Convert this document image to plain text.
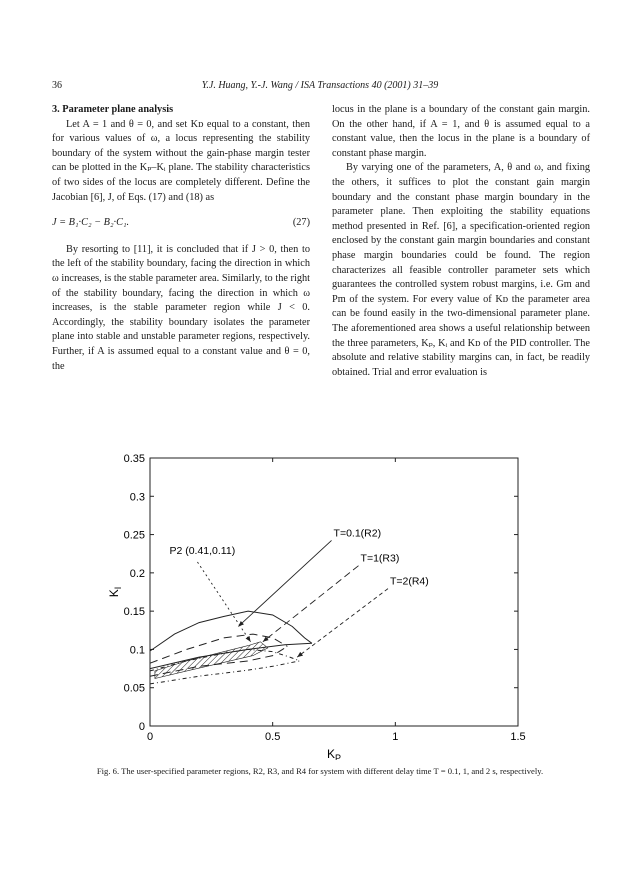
36	Y.J. Huang, Y.-J. Wang / ISA Transactions 40 (2001) 31–39

3. Parameter plane analysis

Let A = 1 and θ = 0, and set Kᴅ equal to a constant, then for various values of ω, a locus representing the stability boundary of the system without the gain-phase margin tester can be plotted in the Kₚ–Kᵢ plane. The stability characteristics of two sides of the locus are completely different. Define the Jacobian [6], J, of Eqs. (17) and (18) as

J = B₁·C₂ − B₂·C₁.	(27)

By resorting to [11], it is concluded that if J > 0, then to the left of the stability boundary, facing the direction in which ω increases, is the stable parameter area. Similarly, to the right of the stability boundary, facing the direction in which ω increases, is the stable parameter region while J < 0. Accordingly, the stability boundary isolates the parameter plane into stable and unstable parameter regions, respectively. Further, if A is assumed equal to a constant value and θ = 0, the

locus in the plane is a boundary of the constant gain margin. On the other hand, if A = 1, and θ is assumed equal to a constant value, then the locus in the plane is a boundary of constant phase margin.

By varying one of the parameters, A, θ and ω, and fixing the others, it suffices to plot the constant gain margin boundary and the constant phase margin boundary in the parameter plane. Then exploiting the stability equations method presented in Ref. [6], a specification-oriented region enclosed by the constant gain margin boundaries and constant phase margin boundaries could be found. The region characterizes all feasible controller parameter sets which guarantees the controlled system robust margins, i.e. Gm and Pm of the system. For every value of Kᴅ the parameter area can be found easily in the two-dimensional parameter plane. The aforementioned area shows a useful relationship between the three parameters, Kₚ, Kᵢ and Kᴅ of the PID controller. The absolute and relative stability margins can, in fact, be readily obtained. Trial and error evaluation is

0	0.5	1	1.5
0
0.05
0.1
0.15
0.2
0.25
0.3
0.35
T=0.1(R2)
T=1(R3)
T=2(R4)
P2 (0.41,0.11)
$K_P$
$K_I$
Fig. 6. The user-specified parameter regions, R2, R3, and R4 for system with different delay time T = 0.1, 1, and 2 s, respectively.
